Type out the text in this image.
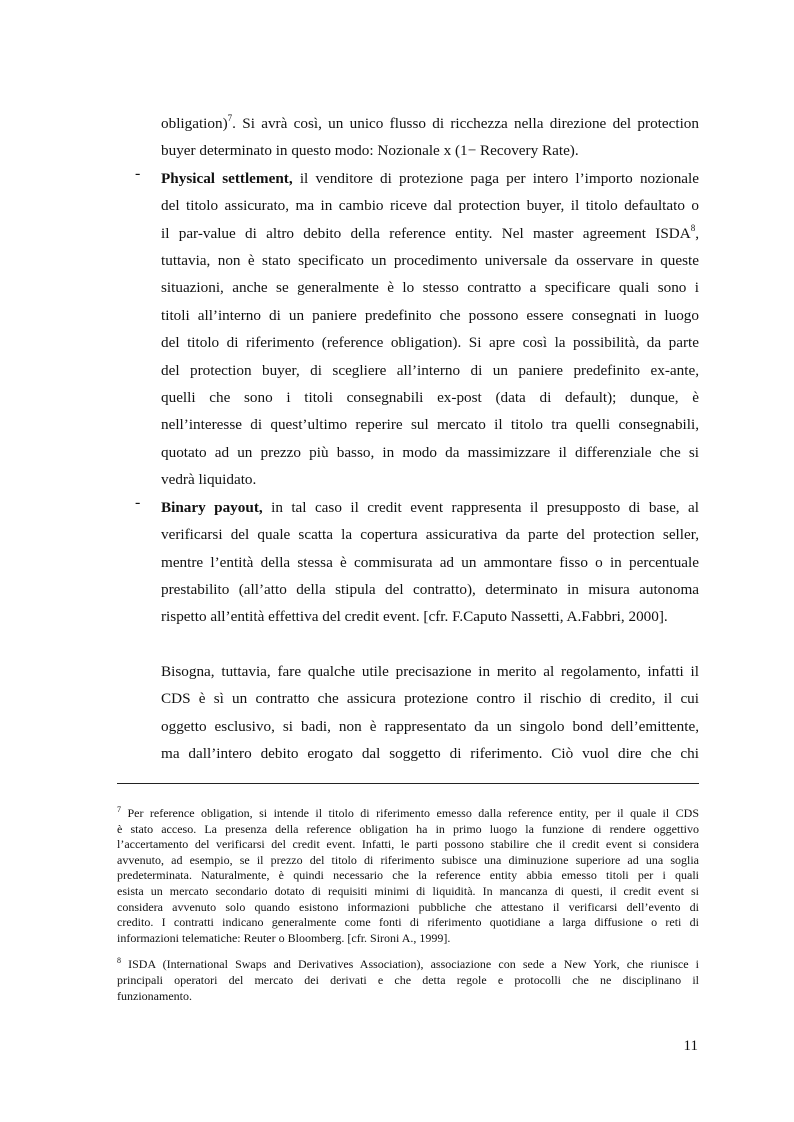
obligation)$^7$. Si avrà così, un unico flusso di ricchezza nella direzione del protection
buyer determinato in questo modo: Nozionale x (1− Recovery Rate).
- Physical settlement, il venditore di protezione paga per intero l’importo nozionale
del titolo assicurato, ma in cambio riceve dal protection buyer, il titolo defaultato o
il par-value di altro debito della reference entity. Nel master agreement ISDA$^8$,
tuttavia, non è stato specificato un procedimento universale da osservare in queste
situazioni, anche se generalmente è lo stesso contratto a specificare quali sono i
titoli all’interno di un paniere predefinito che possono essere consegnati in luogo
del titolo di riferimento (reference obligation). Si apre così la possibilità, da parte
del protection buyer, di scegliere all’interno di un paniere predefinito ex-ante,
quelli che sono i titoli consegnabili ex-post (data di default); dunque, è
nell’interesse di quest’ultimo reperire sul mercato il titolo tra quelli consegnabili,
quotato ad un prezzo più basso, in modo da massimizzare il differenziale che si
vedrà liquidato.
- Binary payout, in tal caso il credit event rappresenta il presupposto di base, al
verificarsi del quale scatta la copertura assicurativa da parte del protection seller,
mentre l’entità della stessa è commisurata ad un ammontare fisso o in percentuale
prestabilito (all’atto della stipula del contratto), determinato in misura autonoma
rispetto all’entità effettiva del credit event. [cfr. F.Caputo Nassetti, A.Fabbri, 2000].
Bisogna, tuttavia, fare qualche utile precisazione in merito al regolamento, infatti il
CDS è sì un contratto che assicura protezione contro il rischio di credito, il cui
oggetto esclusivo, si badi, non è rappresentato da un singolo bond dell’emittente,
ma dall’intero debito erogato dal soggetto di riferimento. Ciò vuol dire che chi
$^7$ Per reference obligation, si intende il titolo di riferimento emesso dalla reference entity, per il quale il CDS
è stato acceso. La presenza della reference obligation ha in primo luogo la funzione di rendere oggettivo
l’accertamento del verificarsi del credit event. Infatti, le parti possono stabilire che il credit event si considera
avvenuto, ad esempio, se il prezzo del titolo di riferimento subisce una diminuzione superiore ad una soglia
predeterminata. Naturalmente, è quindi necessario che la reference entity abbia emesso titoli per i quali
esista un mercato secondario dotato di requisiti minimi di liquidità. In mancanza di questi, il credit event si
considera avvenuto solo quando esistono informazioni pubbliche che attestano il verificarsi dell’evento di
credito. I contratti indicano generalmente come fonti di riferimento quotidiane a larga diffusione o reti di
informazioni telematiche: Reuter o Bloomberg. [cfr. Sironi A., 1999].
$^8$ ISDA (International Swaps and Derivatives Association), associazione con sede a New York, che riunisce i
principali operatori del mercato dei derivati e che detta regole e protocolli che ne disciplinano il
funzionamento.
11
